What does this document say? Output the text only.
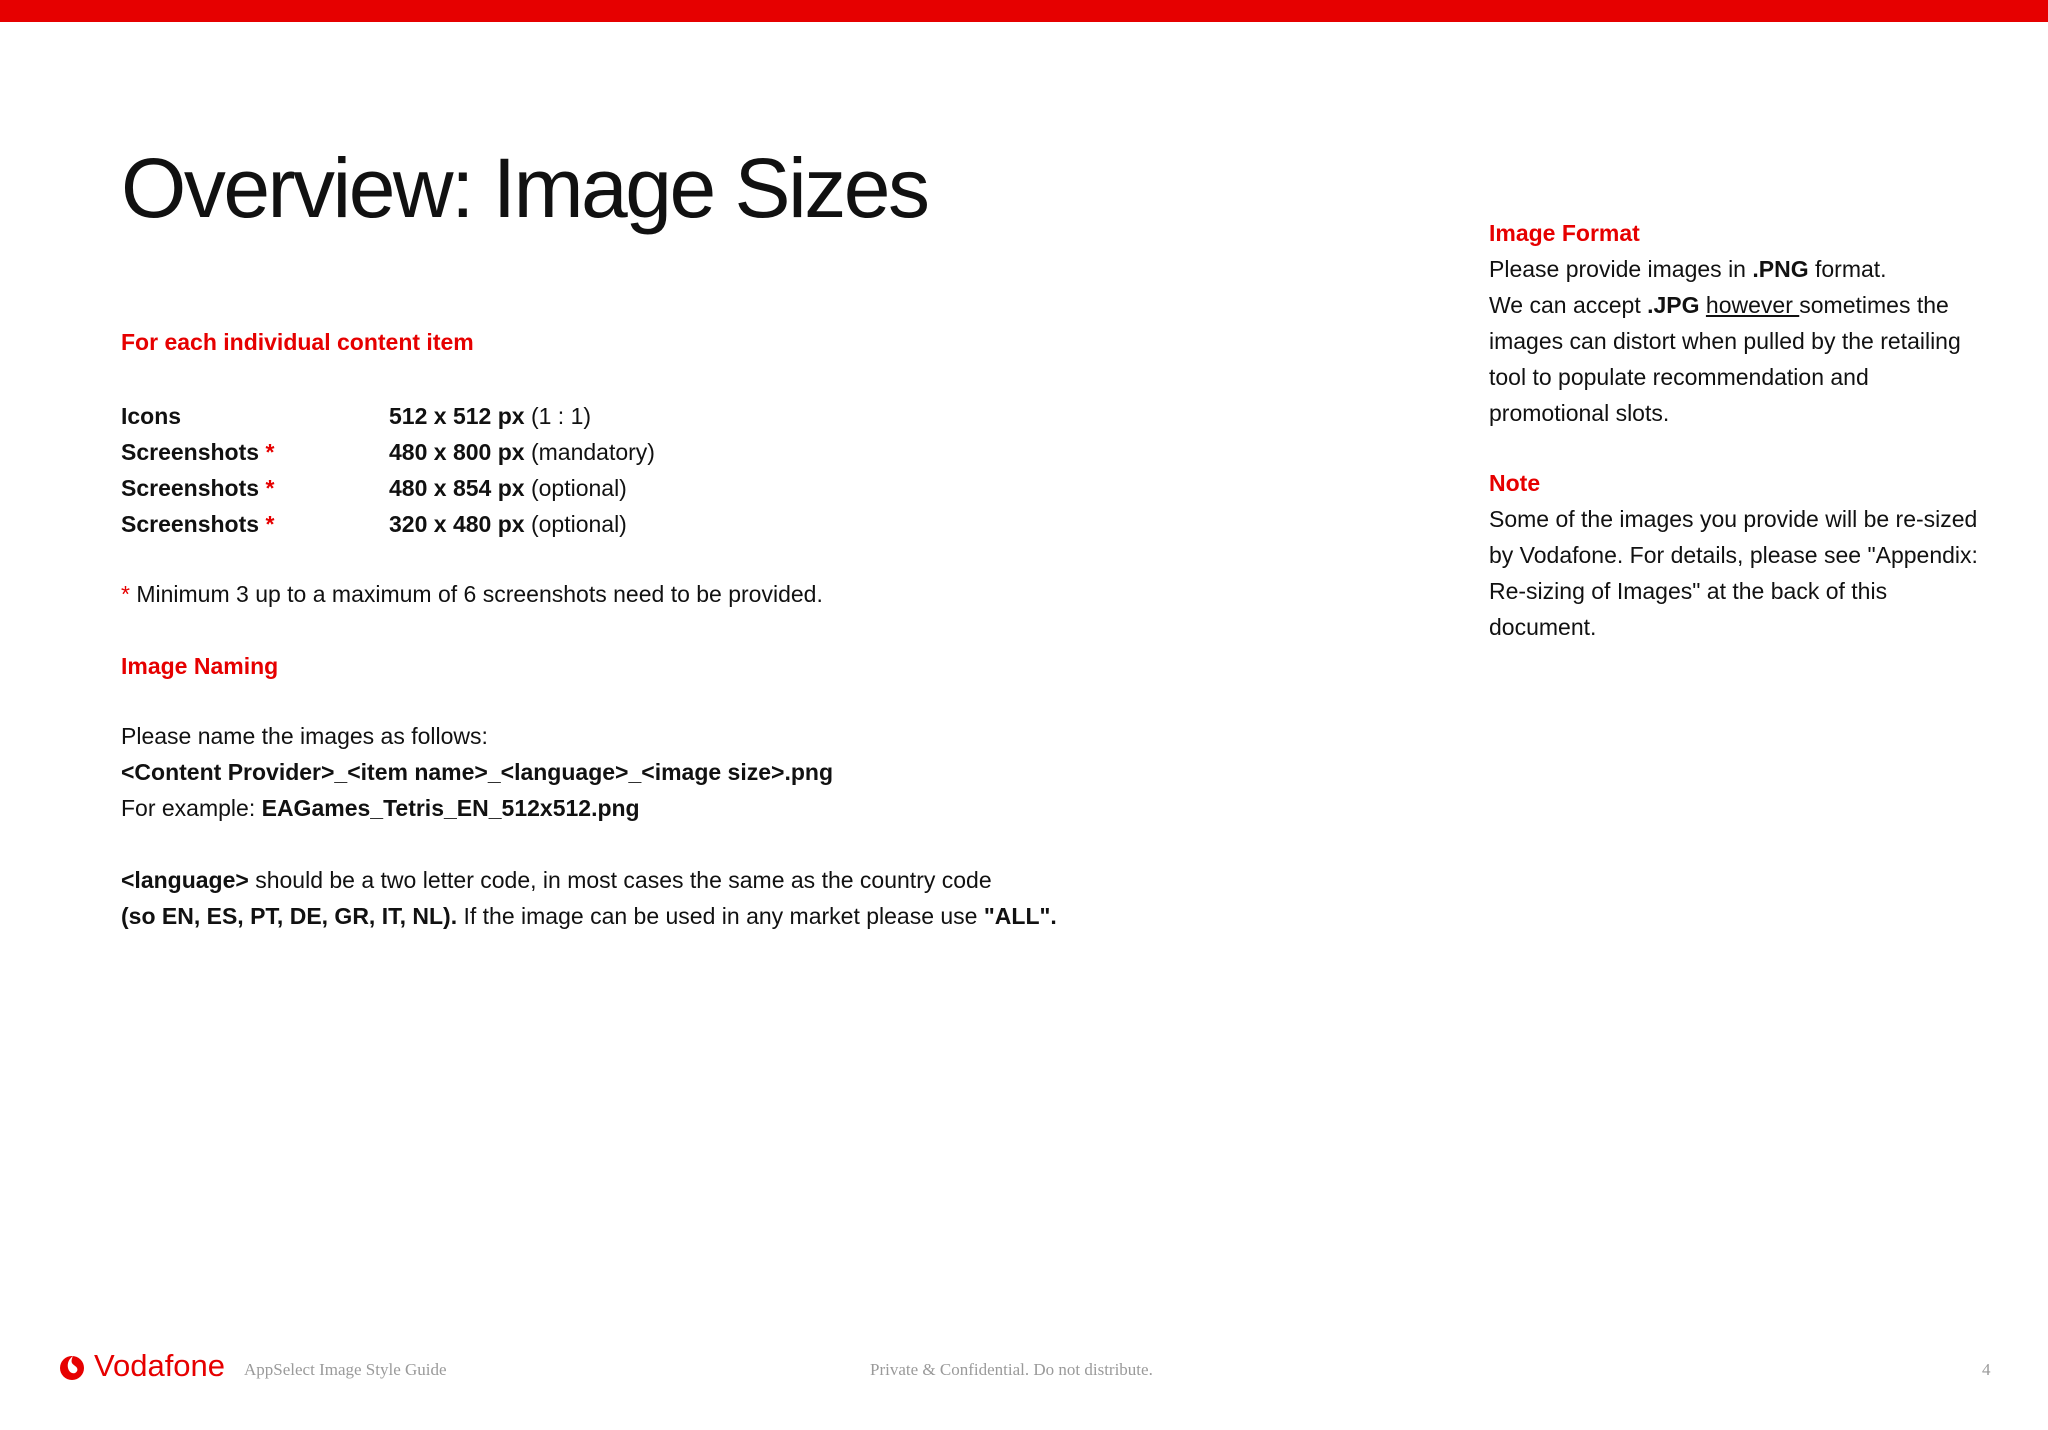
Overview: Image Sizes
For each individual content item
Icons	512 x 512 px (1 : 1)
Screenshots *	480 x 800 px (mandatory)
Screenshots *	480 x 854 px (optional)
Screenshots *	320 x 480 px (optional)
* Minimum 3 up to a maximum of 6 screenshots need to be provided.
Image Naming
Please name the images as follows:
<Content Provider>_<item name>_<language>_<image size>.png
For example: EAGames_Tetris_EN_512x512.png
<language> should be a two letter code, in most cases the same as the country code
(so EN, ES, PT, DE, GR, IT, NL). If the image can be used in any market please use "ALL".
Image Format
Please provide images in .PNG format.
We can accept .JPG however sometimes the
images can distort when pulled by the retailing
tool to populate recommendation and
promotional slots.
Note
Some of the images you provide will be re-sized
by Vodafone. For details, please see "Appendix:
Re-sizing of Images" at the back of this
document.
Vodafone AppSelect Image Style Guide	Private & Confidential. Do not distribute.	4
